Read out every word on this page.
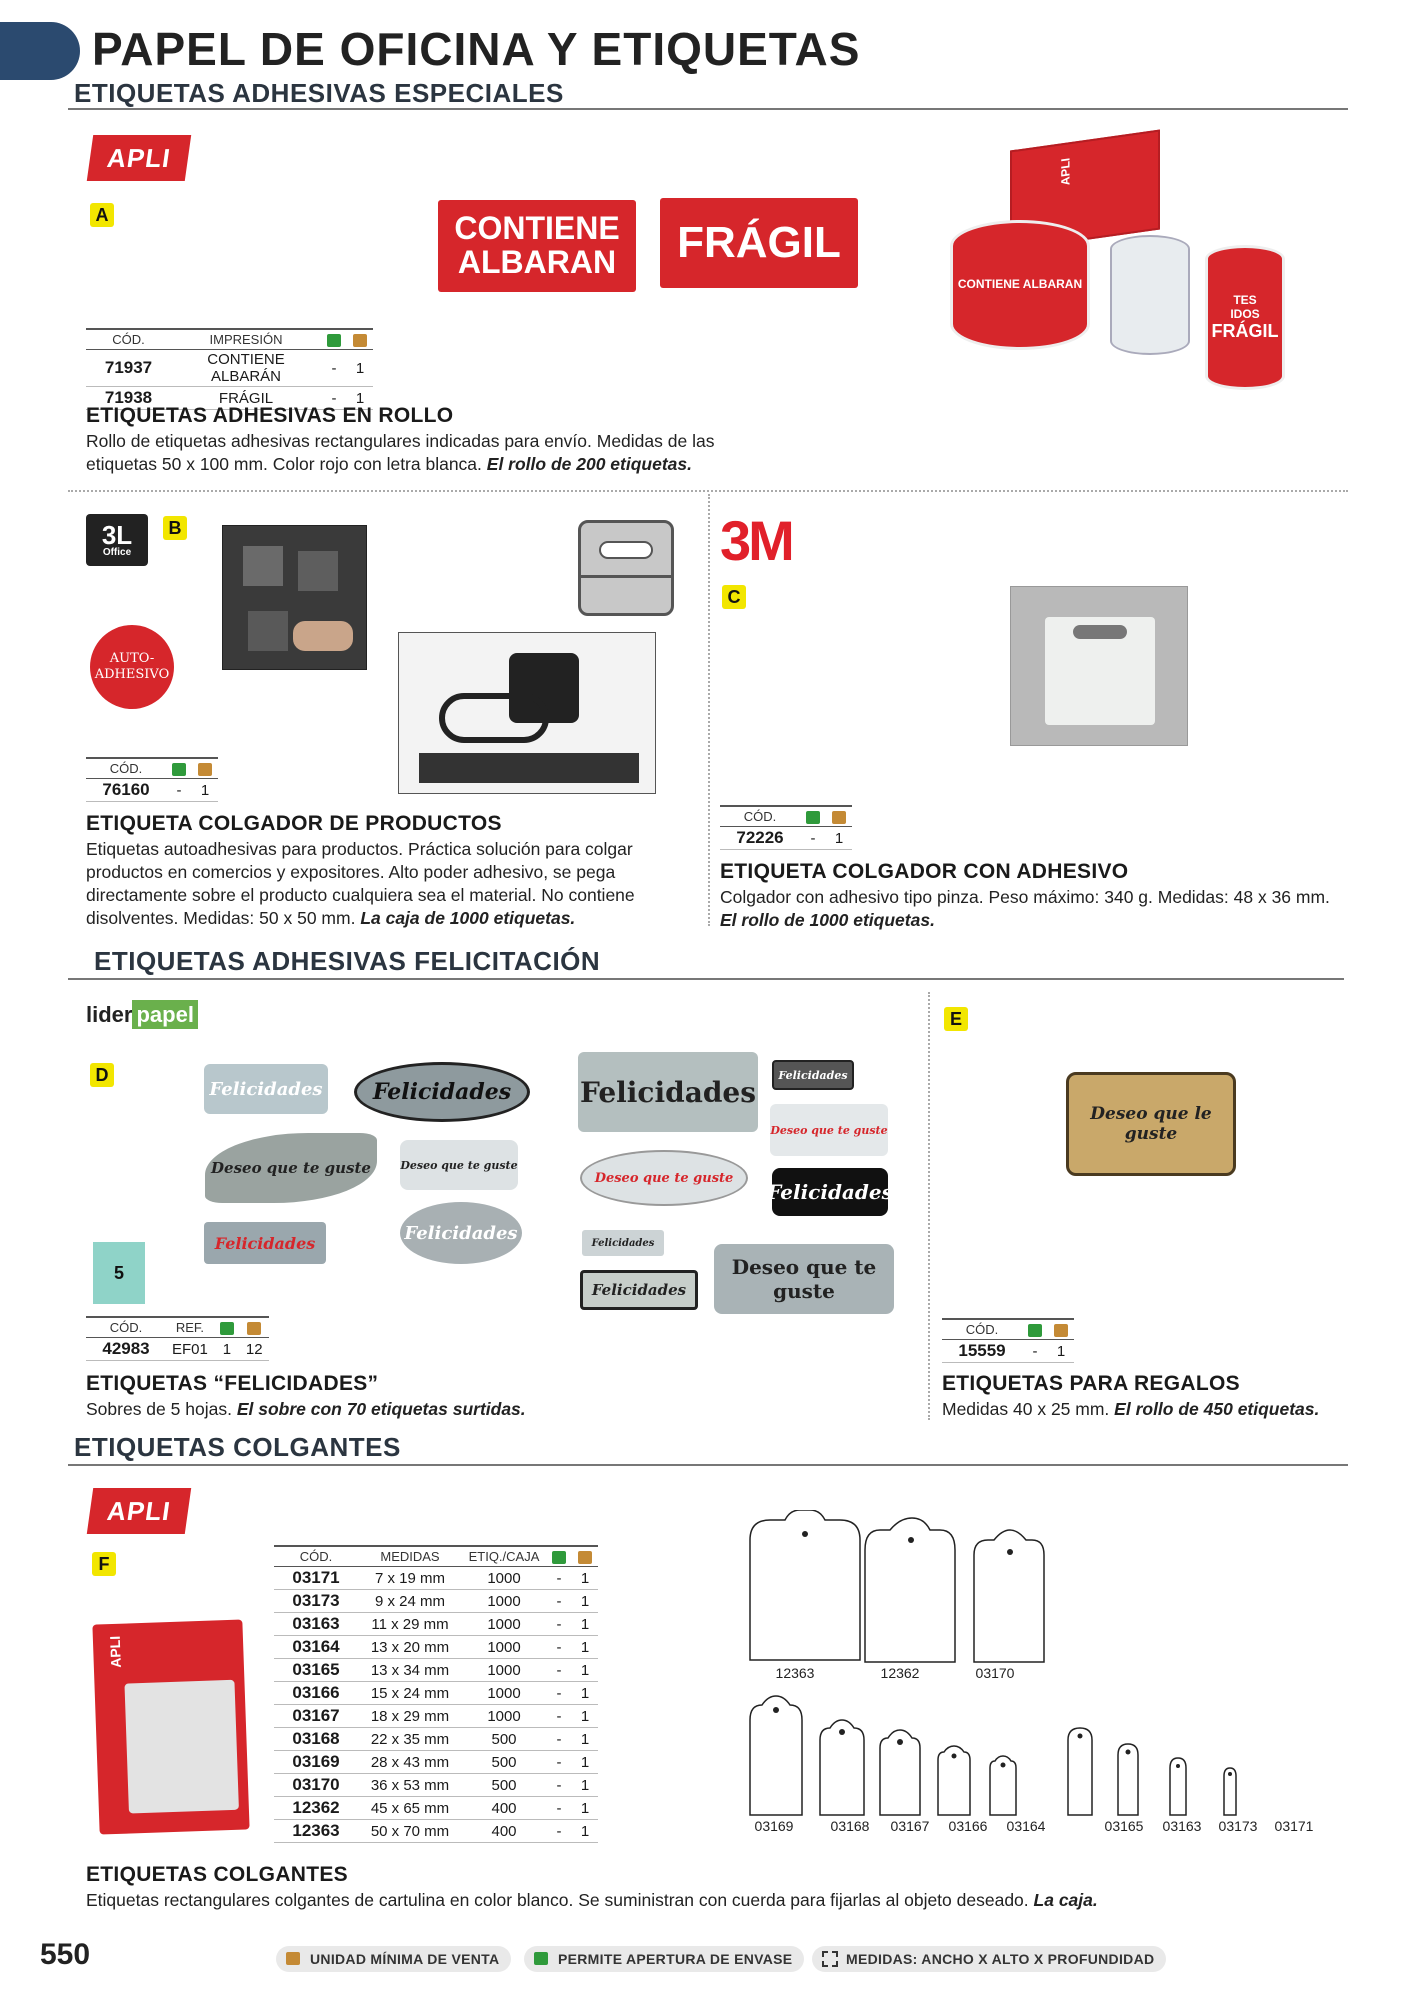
PAPEL DE OFICINA Y ETIQUETAS
ETIQUETAS ADHESIVAS ESPECIALES
APLI
A	CONTIENE ALBARAN	FRÁGIL
APLI
CONTIENE ALBARAN
TES
IDOS
FRÁGIL
CÓD.	IMPRESIÓN		
71937	CONTIENE ALBARÁN	-	1
71938	FRÁGIL	-	1
ETIQUETAS ADHESIVAS EN ROLLO
Rollo de etiquetas adhesivas rectangulares indicadas para envío. Medidas de las etiquetas 50 x 100 mm. Color rojo con letra blanca. El rollo de 200 etiquetas.
3L
Office
B
AUTO-ADHESIVO
CÓD.		
76160	-	1
ETIQUETA COLGADOR DE PRODUCTOS
Etiquetas autoadhesivas para productos. Práctica solución para colgar productos en comercios y expositores. Alto poder adhesivo, se pega directamente sobre el producto cualquiera sea el material. No contiene disolventes. Medidas: 50 x 50 mm. La caja de 1000 etiquetas.
3M
C
CÓD.		
72226	-	1
ETIQUETA COLGADOR CON ADHESIVO
Colgador con adhesivo tipo pinza. Peso máximo: 340 g. Medidas: 48 x 36 mm.
El rollo de 1000 etiquetas.
ETIQUETAS ADHESIVAS FELICITACIÓN
lider papel
D
5
Felicidades	Felicidades
Deseo que te guste	Deseo que te guste
Felicidades	Felicidades
Felicidades
Felicidades
Deseo que te guste
Deseo que te guste
Felicidades
Felicidades
Felicidades
Deseo que te guste
CÓD.	REF.		
42983	EF01	1	12
ETIQUETAS “FELICIDADES”
Sobres de 5 hojas. El sobre con 70 etiquetas surtidas.
E
Deseo que le guste
CÓD.		
15559	-	1
ETIQUETAS PARA REGALOS
Medidas 40 x 25 mm. El rollo de 450 etiquetas.
ETIQUETAS COLGANTES
APLI
F
APLI
CÓD.	MEDIDAS	ETIQ./CAJA		
03171	7 x 19 mm	1000	-	1
03173	9 x 24 mm	1000	-	1
03163	11 x 29 mm	1000	-	1
03164	13 x 20 mm	1000	-	1
03165	13 x 34 mm	1000	-	1
03166	15 x 24 mm	1000	-	1
03167	18 x 29 mm	1000	-	1
03168	22 x 35 mm	500	-	1
03169	28 x 43 mm	500	-	1
03170	36 x 53 mm	500	-	1
12362	45 x 65 mm	400	-	1
12363	50 x 70 mm	400	-	1
12363	12362	03170
03169	03168	03167	03166	03164	03165	03163	03173	03171
ETIQUETAS COLGANTES
Etiquetas rectangulares colgantes de cartulina en color blanco. Se suministran con cuerda para fijarlas al objeto deseado. La caja.
550	UNIDAD MÍNIMA DE VENTA	PERMITE APERTURA DE ENVASE	MEDIDAS: ANCHO X ALTO X PROFUNDIDAD
